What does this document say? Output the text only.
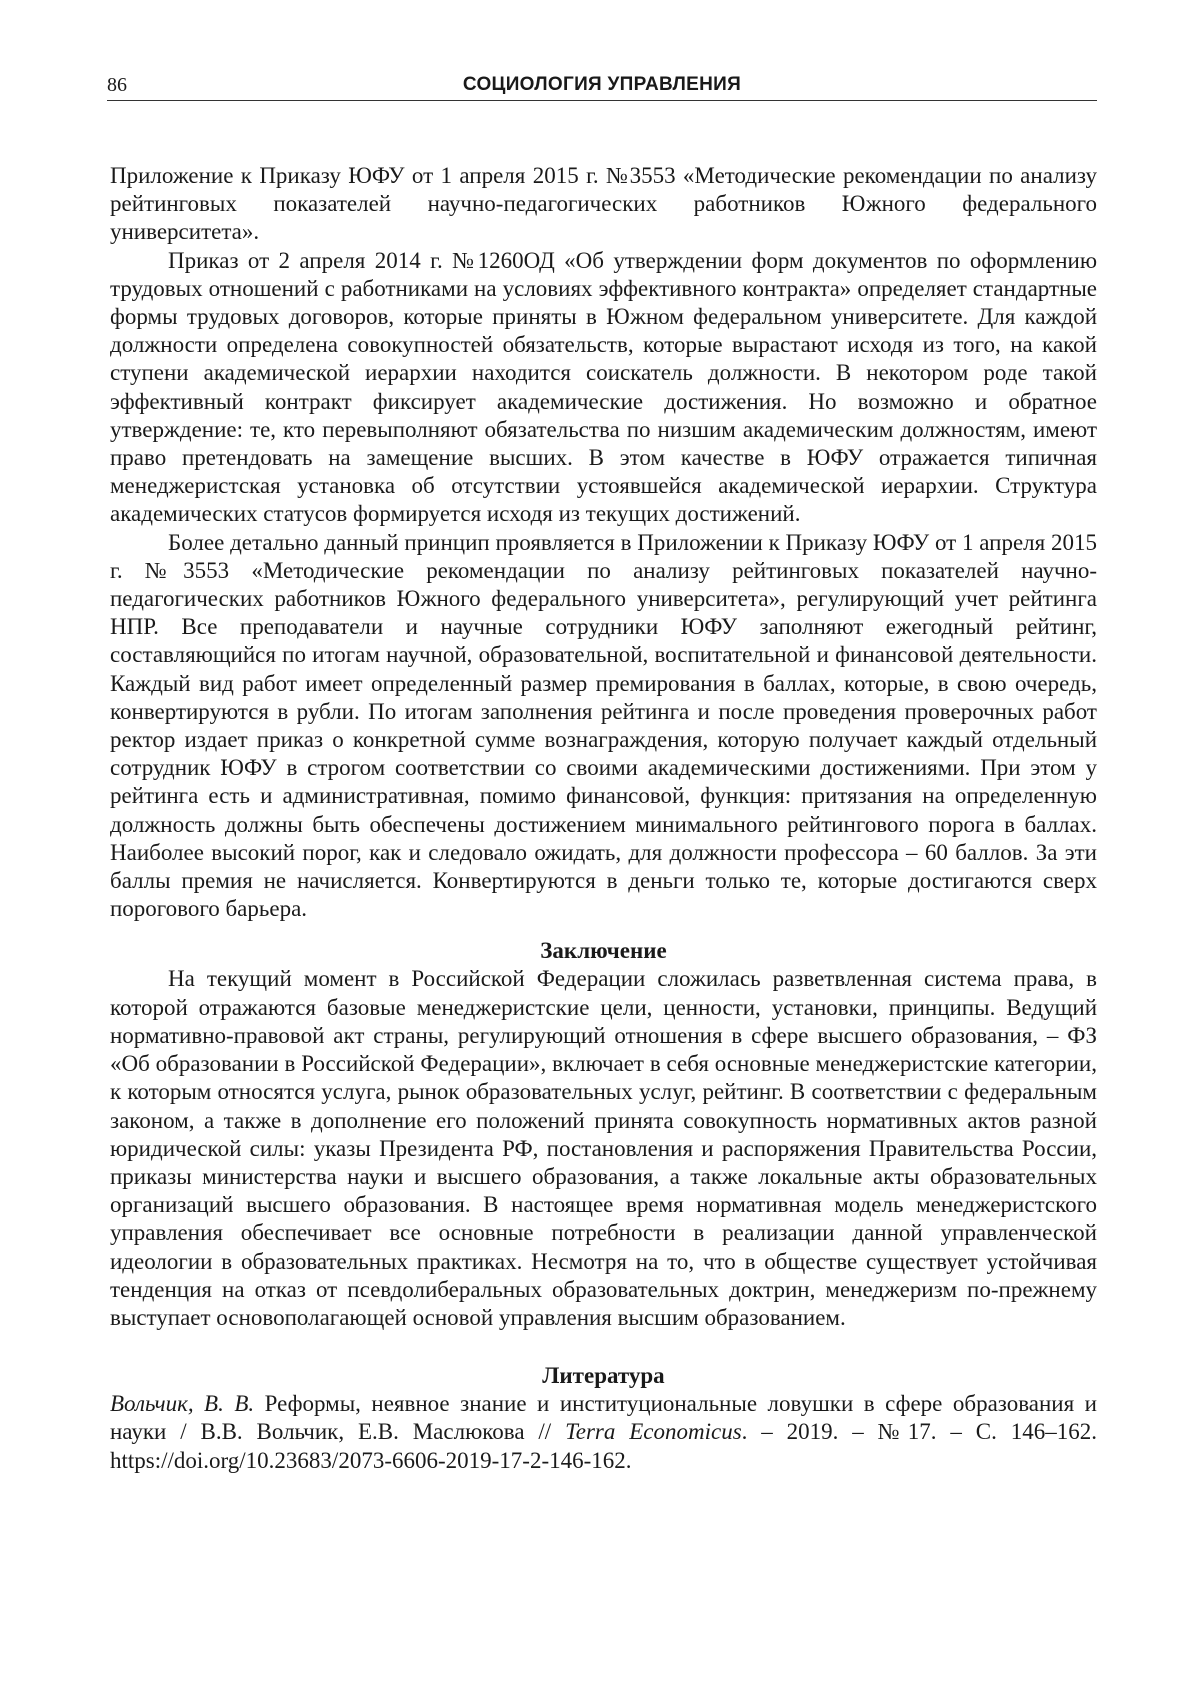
86	СОЦИОЛОГИЯ УПРАВЛЕНИЯ

Приложение к Приказу ЮФУ от 1 апреля 2015 г. №3553 «Методические рекомендации по анализу рейтинговых показателей научно-педагогических работников Южного федерального университета».

Приказ от 2 апреля 2014 г. №1260ОД «Об утверждении форм документов по оформлению трудовых отношений с работниками на условиях эффективного контракта» определяет стандартные формы трудовых договоров, которые приняты в Южном федеральном университете. Для каждой должности определена совокупностей обязательств, которые вырастают исходя из того, на какой ступени академической иерархии находится соискатель должности. В некотором роде такой эффективный контракт фиксирует академические достижения. Но возможно и обратное утверждение: те, кто перевыполняют обязательства по низшим академическим должностям, имеют право претендовать на замещение высших. В этом качестве в ЮФУ отражается типичная менеджеристская установка об отсутствии устоявшейся академической иерархии. Структура академических статусов формируется исходя из текущих достижений.

Более детально данный принцип проявляется в Приложении к Приказу ЮФУ от 1 апреля 2015 г. №3553 «Методические рекомендации по анализу рейтинговых показателей научно-педагогических работников Южного федерального университета», регулирующий учет рейтинга НПР. Все преподаватели и научные сотрудники ЮФУ заполняют ежегодный рейтинг, составляющийся по итогам научной, образовательной, воспитательной и финансовой деятельности. Каждый вид работ имеет определенный размер премирования в баллах, которые, в свою очередь, конвертируются в рубли. По итогам заполнения рейтинга и после проведения проверочных работ ректор издает приказ о конкретной сумме вознаграждения, которую получает каждый отдельный сотрудник ЮФУ в строгом соответствии со своими академическими достижениями. При этом у рейтинга есть и административная, помимо финансовой, функция: притязания на определенную должность должны быть обеспечены достижением минимального рейтингового порога в баллах. Наиболее высокий порог, как и следовало ожидать, для должности профессора – 60 баллов. За эти баллы премия не начисляется. Конвертируются в деньги только те, которые достигаются сверх порогового барьера.

Заключение

На текущий момент в Российской Федерации сложилась разветвленная система права, в которой отражаются базовые менеджеристские цели, ценности, установки, принципы. Ведущий нормативно-правовой акт страны, регулирующий отношения в сфере высшего образования, – ФЗ «Об образовании в Российской Федерации», включает в себя основные менеджеристские категории, к которым относятся услуга, рынок образовательных услуг, рейтинг. В соответствии с федеральным законом, а также в дополнение его положений принята совокупность нормативных актов разной юридической силы: указы Президента РФ, постановления и распоряжения Правительства России, приказы министерства науки и высшего образования, а также локальные акты образовательных организаций высшего образования. В настоящее время нормативная модель менеджеристского управления обеспечивает все основные потребности в реализации данной управленческой идеологии в образовательных практиках. Несмотря на то, что в обществе существует устойчивая тенденция на отказ от псевдолиберальных образовательных доктрин, менеджеризм по-прежнему выступает основополагающей основой управления высшим образованием.

Литература

Вольчик, В. В. Реформы, неявное знание и институциональные ловушки в сфере образования и науки / В.В. Вольчик, Е.В. Маслюкова // Terra Economicus. – 2019. – №17. – С. 146–162. https://doi.org/10.23683/2073-6606-2019-17-2-146-162.
